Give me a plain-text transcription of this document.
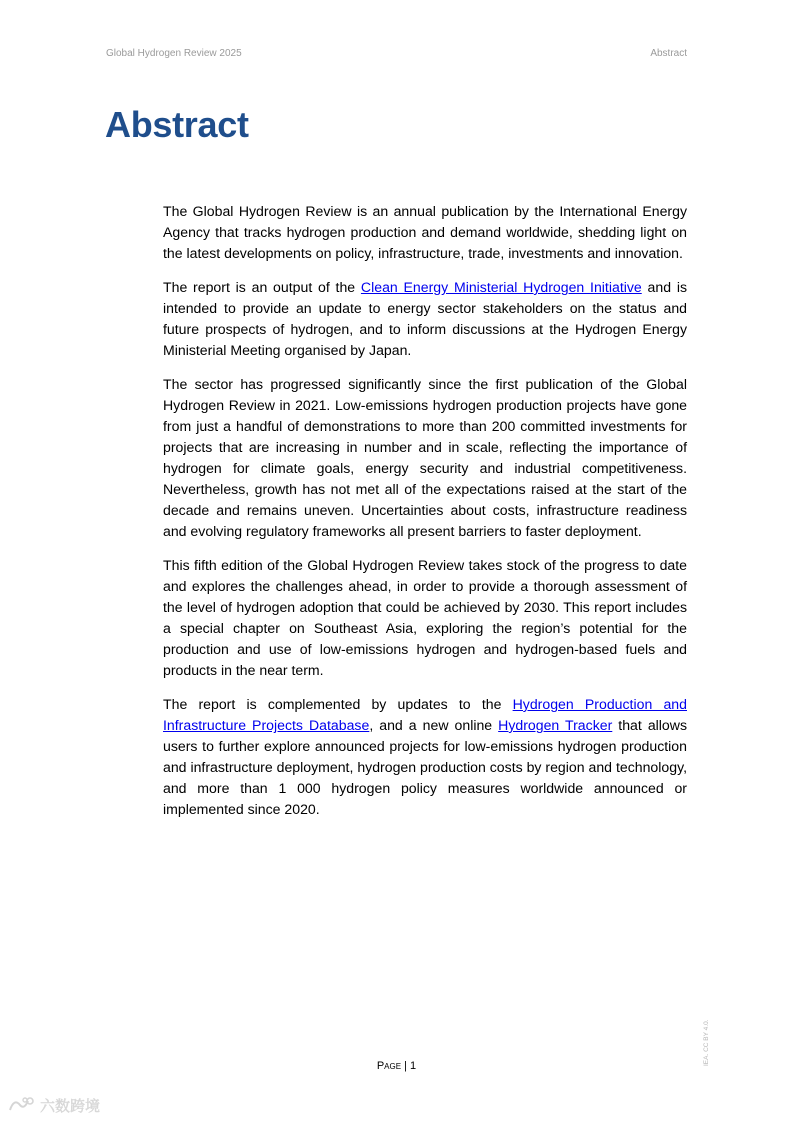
Global Hydrogen Review 2025	Abstract
Abstract

The Global Hydrogen Review is an annual publication by the International Energy Agency that tracks hydrogen production and demand worldwide, shedding light on the latest developments on policy, infrastructure, trade, investments and innovation.

The report is an output of the Clean Energy Ministerial Hydrogen Initiative and is intended to provide an update to energy sector stakeholders on the status and future prospects of hydrogen, and to inform discussions at the Hydrogen Energy Ministerial Meeting organised by Japan.

The sector has progressed significantly since the first publication of the Global Hydrogen Review in 2021. Low-emissions hydrogen production projects have gone from just a handful of demonstrations to more than 200 committed investments for projects that are increasing in number and in scale, reflecting the importance of hydrogen for climate goals, energy security and industrial competitiveness. Nevertheless, growth has not met all of the expectations raised at the start of the decade and remains uneven. Uncertainties about costs, infrastructure readiness and evolving regulatory frameworks all present barriers to faster deployment.

This fifth edition of the Global Hydrogen Review takes stock of the progress to date and explores the challenges ahead, in order to provide a thorough assessment of the level of hydrogen adoption that could be achieved by 2030. This report includes a special chapter on Southeast Asia, exploring the region’s potential for the production and use of low-emissions hydrogen and hydrogen-based fuels and products in the near term.

The report is complemented by updates to the Hydrogen Production and Infrastructure Projects Database, and a new online Hydrogen Tracker that allows users to further explore announced projects for low-emissions hydrogen production and infrastructure deployment, hydrogen production costs by region and technology, and more than 1 000 hydrogen policy measures worldwide announced or implemented since 2020.

IEA. CC BY 4.0.
Page | 1
六数跨境
